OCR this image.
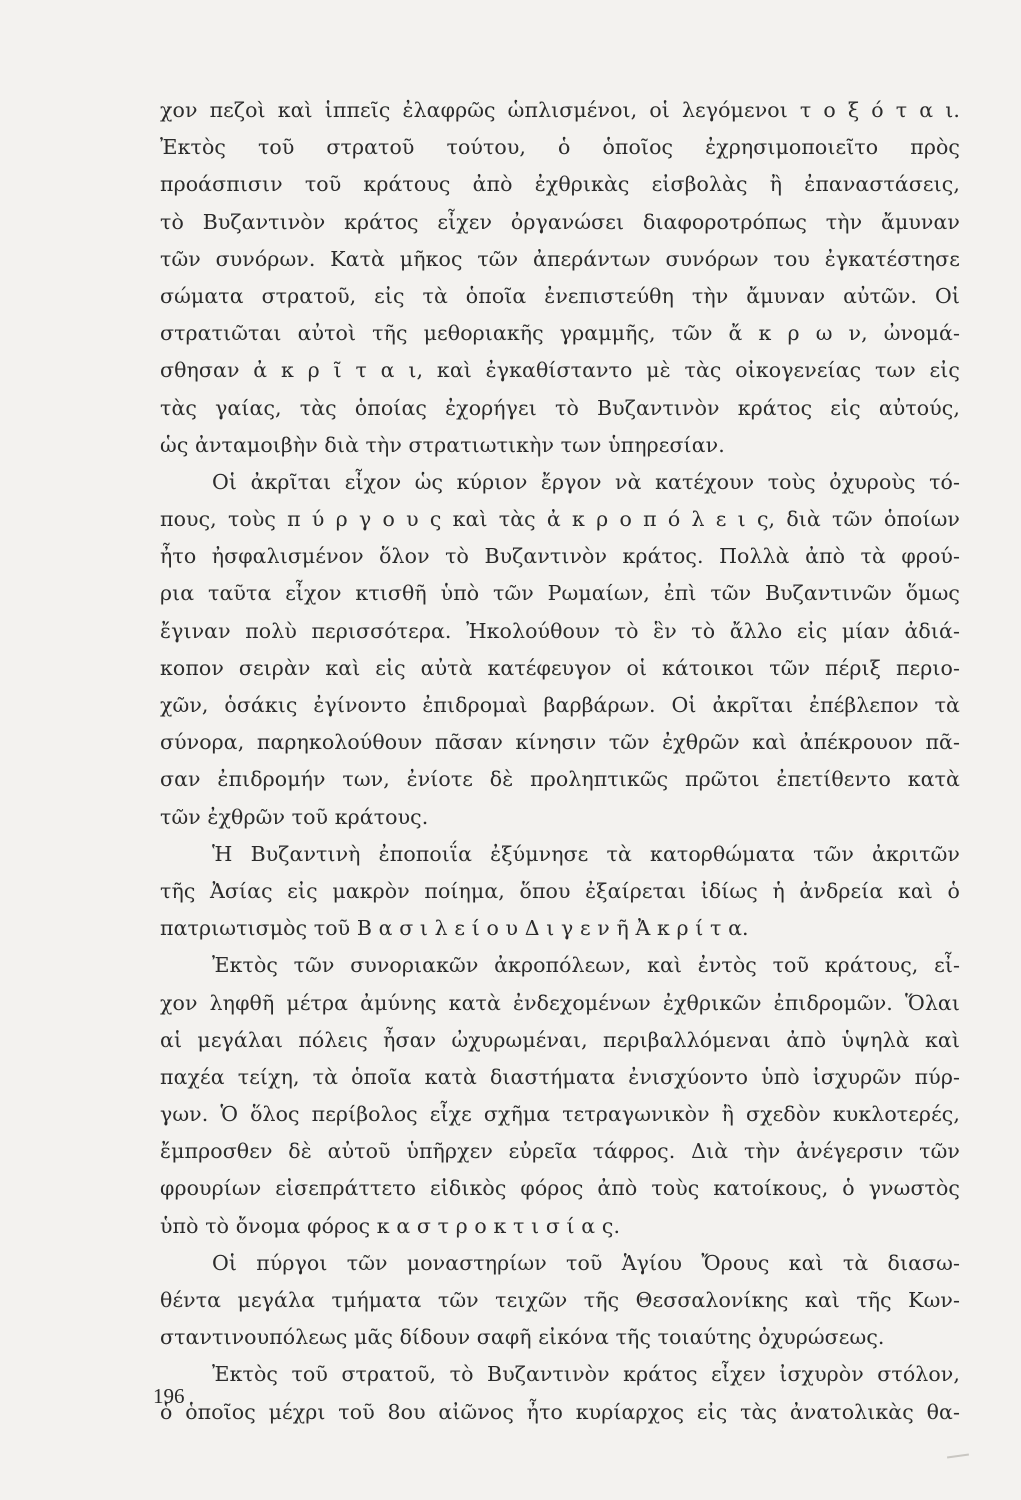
χον πεζοὶ καὶ ἱππεῖς ἐλαφρῶς ὡπλισμένοι, οἱ λεγόμενοι τ ο ξ ό τ α ι.
Ἐκτὸς τοῦ στρατοῦ τούτου, ὁ ὁποῖος ἐχρησιμοποιεῖτο πρὸς
προάσπισιν τοῦ κράτους ἀπὸ ἐχθρικὰς εἰσβολὰς ἢ ἐπαναστάσεις,
τὸ Βυζαντινὸν κράτος εἶχεν ὀργανώσει διαφοροτρόπως τὴν ἄμυναν
τῶν συνόρων. Κατὰ μῆκος τῶν ἀπεράντων συνόρων του ἐγκατέστησε
σώματα στρατοῦ, εἰς τὰ ὁποῖα ἐνεπιστεύθη τὴν ἄμυναν αὐτῶν. Οἱ
στρατιῶται αὐτοὶ τῆς μεθοριακῆς γραμμῆς, τῶν ἄ κ ρ ω ν, ὠνομά-
σθησαν ἀ κ ρ ῖ τ α ι, καὶ ἐγκαθίσταντο μὲ τὰς οἰκογενείας των εἰς
τὰς γαίας, τὰς ὁποίας ἐχορήγει τὸ Βυζαντινὸν κράτος εἰς αὐτούς,
ὡς ἀνταμοιβὴν διὰ τὴν στρατιωτικὴν των ὑπηρεσίαν.
Οἱ ἀκρῖται εἶχον ὡς κύριον ἔργον νὰ κατέχουν τοὺς ὀχυροὺς τό-
πους, τοὺς π ύ ρ γ ο υ ς καὶ τὰς ἀ κ ρ ο π ό λ ε ι ς, διὰ τῶν ὁποίων
ἦτο ἠσφαλισμένον ὅλον τὸ Βυζαντινὸν κράτος. Πολλὰ ἀπὸ τὰ φρού-
ρια ταῦτα εἶχον κτισθῆ ὑπὸ τῶν Ρωμαίων, ἐπὶ τῶν Βυζαντινῶν ὅμως
ἔγιναν πολὺ περισσότερα. Ἠκολούθουν τὸ ἓν τὸ ἄλλο εἰς μίαν ἀδιά-
κοπον σειρὰν καὶ εἰς αὐτὰ κατέφευγον οἱ κάτοικοι τῶν πέριξ περιο-
χῶν, ὁσάκις ἐγίνοντο ἐπιδρομαὶ βαρβάρων. Οἱ ἀκρῖται ἐπέβλεπον τὰ
σύνορα, παρηκολούθουν πᾶσαν κίνησιν τῶν ἐχθρῶν καὶ ἀπέκρουον πᾶ-
σαν ἐπιδρομήν των, ἐνίοτε δὲ προληπτικῶς πρῶτοι ἐπετίθεντο κατὰ
τῶν ἐχθρῶν τοῦ κράτους.
Ἡ Βυζαντινὴ ἐποποιΐα ἐξύμνησε τὰ κατορθώματα τῶν ἀκριτῶν
τῆς Ἀσίας εἰς μακρὸν ποίημα, ὅπου ἐξαίρεται ἰδίως ἡ ἀνδρεία καὶ ὁ
πατριωτισμὸς τοῦ Β α σ ι λ ε ί ο υ Δ ι γ ε ν ῆ Ἀ κ ρ ί τ α.
Ἐκτὸς τῶν συνοριακῶν ἀκροπόλεων, καὶ ἐντὸς τοῦ κράτους, εἶ-
χον ληφθῆ μέτρα ἀμύνης κατὰ ἐνδεχομένων ἐχθρικῶν ἐπιδρομῶν. Ὅλαι
αἱ μεγάλαι πόλεις ἦσαν ὠχυρωμέναι, περιβαλλόμεναι ἀπὸ ὑψηλὰ καὶ
παχέα τείχη, τὰ ὁποῖα κατὰ διαστήματα ἐνισχύοντο ὑπὸ ἰσχυρῶν πύρ-
γων. Ὁ ὅλος περίβολος εἶχε σχῆμα τετραγωνικὸν ἢ σχεδὸν κυκλοτερές,
ἔμπροσθεν δὲ αὐτοῦ ὑπῆρχεν εὐρεῖα τάφρος. Διὰ τὴν ἀνέγερσιν τῶν
φρουρίων εἰσεπράττετο εἰδικὸς φόρος ἀπὸ τοὺς κατοίκους, ὁ γνωστὸς
ὑπὸ τὸ ὄνομα φόρος κ α σ τ ρ ο κ τ ι σ ί α ς.
Οἱ πύργοι τῶν μοναστηρίων τοῦ Ἁγίου Ὄρους καὶ τὰ διασω-
θέντα μεγάλα τμήματα τῶν τειχῶν τῆς Θεσσαλονίκης καὶ τῆς Κων-
σταντινουπόλεως μᾶς δίδουν σαφῆ εἰκόνα τῆς τοιαύτης ὀχυρώσεως.
Ἐκτὸς τοῦ στρατοῦ, τὸ Βυζαντινὸν κράτος εἶχεν ἰσχυρὸν στόλον,
ὁ ὁποῖος μέχρι τοῦ 8ου αἰῶνος ἦτο κυρίαρχος εἰς τὰς ἀνατολικὰς θα-
196
